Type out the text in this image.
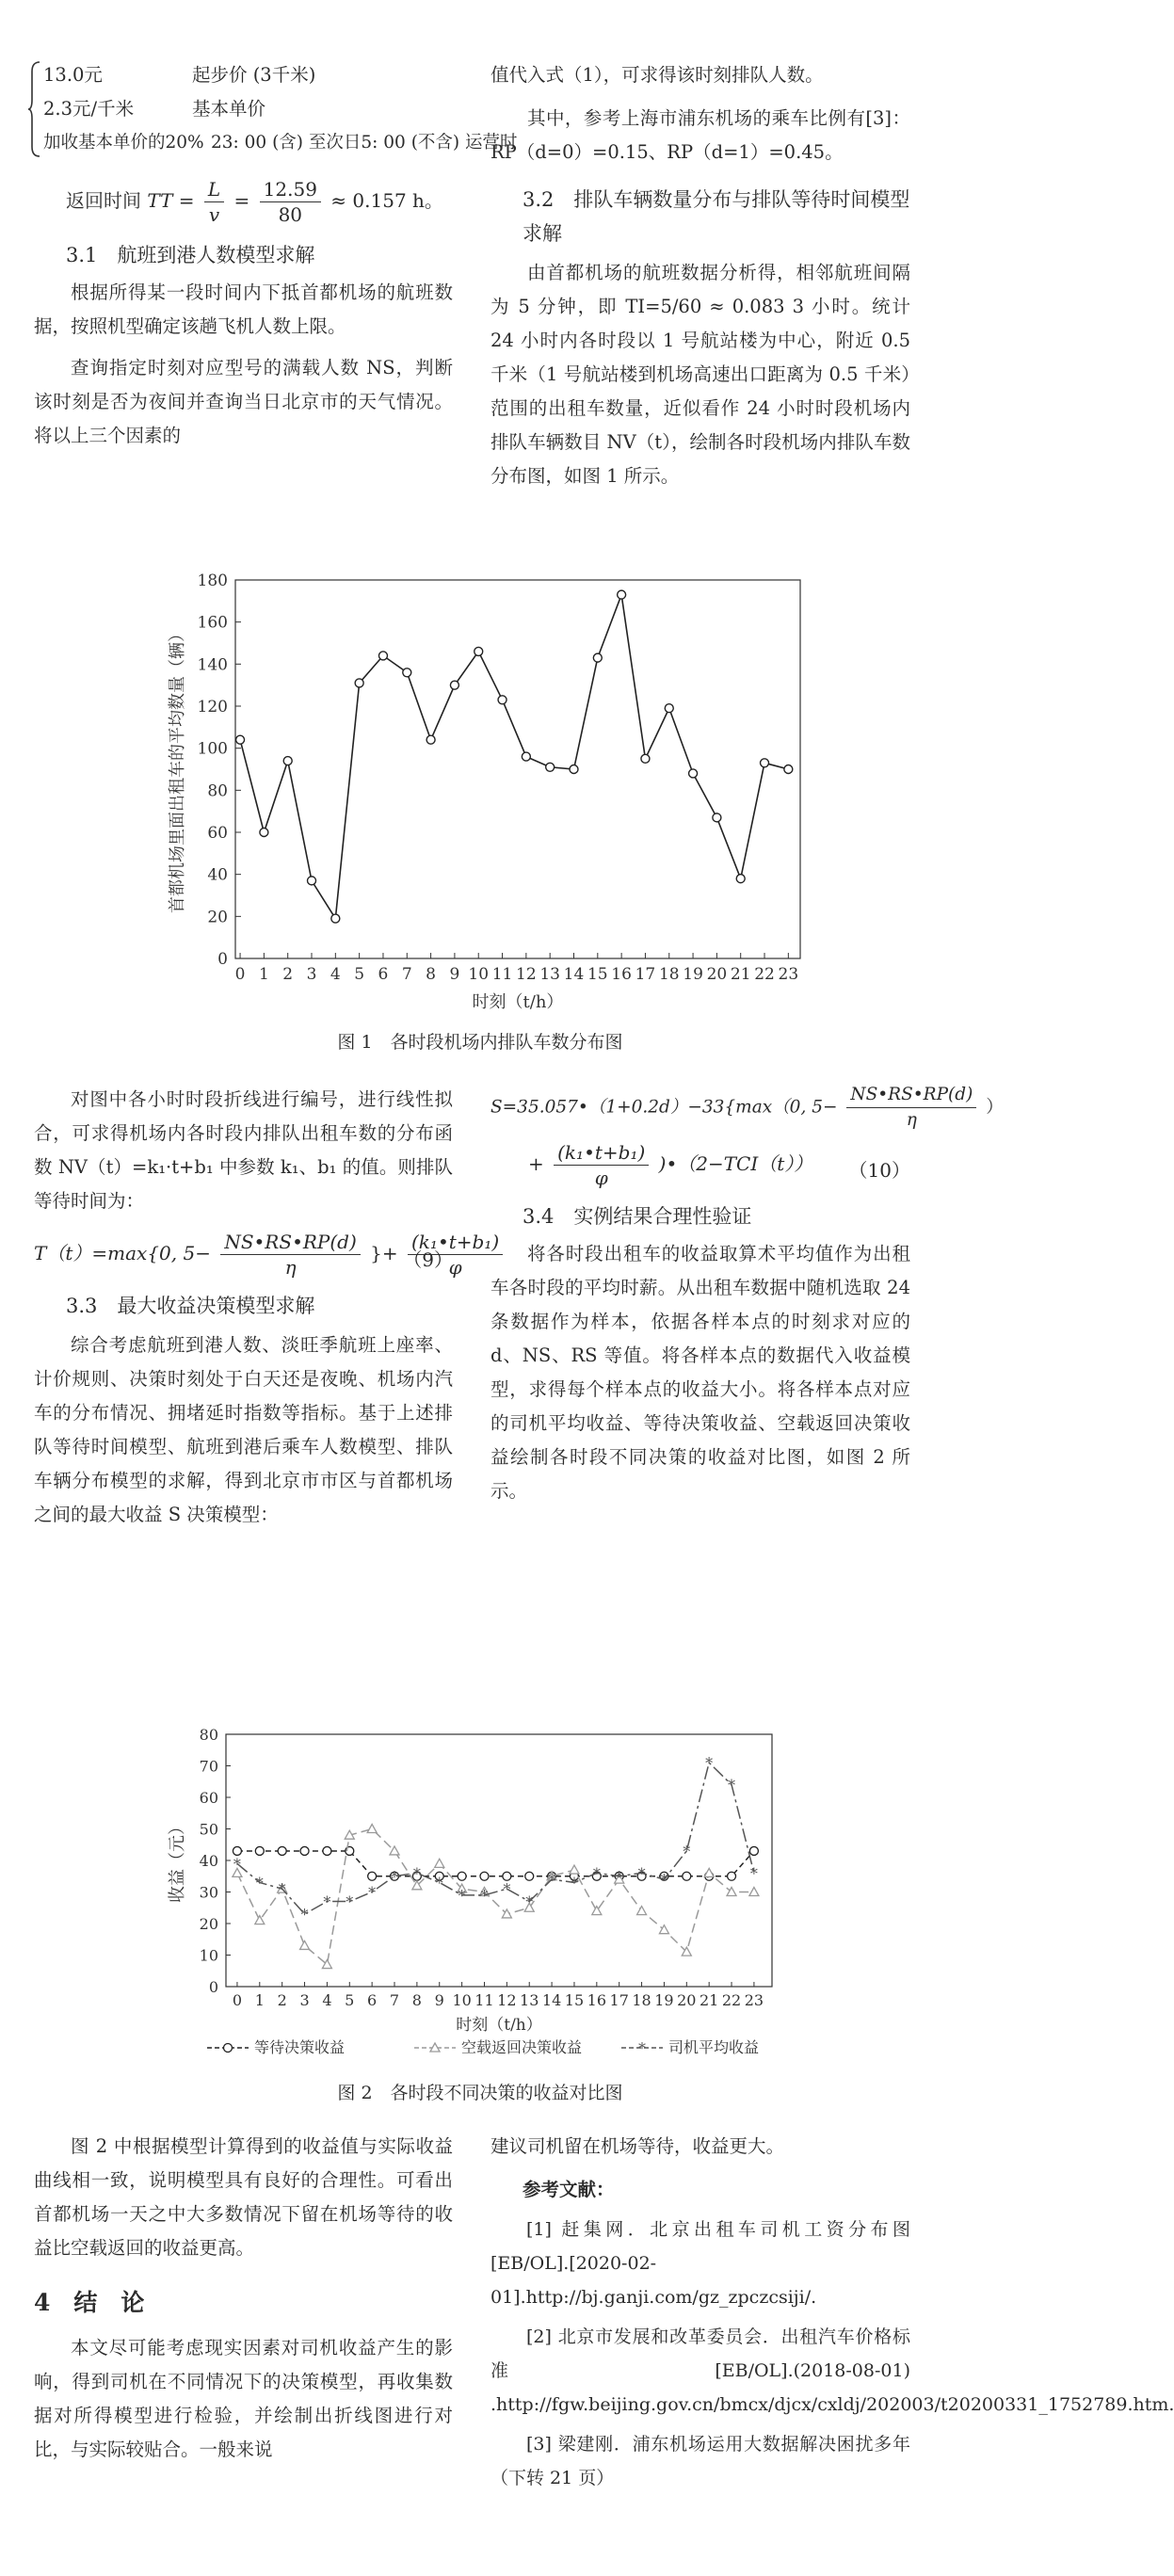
13.0元	起步价 (3千米)
2.3元/千米	基本单价
加收基本单价的20% 23: 00 (含) 至次日5: 00 (不含) 运营时
返回时间 TT = $\frac{L}{v} = \frac{12.59}{80} \approx 0.157$ h。

3.1　航班到港人数模型求解

根据所得某一段时间内下抵首都机场的航班数据，按照机型确定该趟飞机人数上限。

查询指定时刻对应型号的满载人数 NS，判断该时刻是否为夜间并查询当日北京市的天气情况。将以上三个因素的

值代入式（1），可求得该时刻排队人数。

其中，参考上海市浦东机场的乘车比例有[3]：RP（d=0）=0.15、RP（d=1）=0.45。

3.2　排队车辆数量分布与排队等待时间模型求解

由首都机场的航班数据分析得，相邻航班间隔为 5 分钟，即 TI=5/60 ≈ 0.083 3 小时。统计 24 小时内各时段以 1 号航站楼为中心，附近 0.5 千米（1 号航站楼到机场高速出口距离为 0.5 千米）范围的出租车数量，近似看作 24 小时时段机场内排队车辆数目 NV（t），绘制各时段机场内排队车数分布图，如图 1 所示。

0
20
40
60
80
100
120
140
160
180
0 1 2 3 4 5 6 7 8 9 10 11 12 13 14 15 16 17 18 19 20 21 22 23
时刻（t/h）
首都机场里面出租车的平均数量（辆）
图 1　各时段机场内排队车数分布图

对图中各小时时段折线进行编号，进行线性拟合，可求得机场内各时段内排队出租车数的分布函数 NV（t）=k₁·t+b₁ 中参数 k₁、b₁ 的值。则排队等待时间为：

T（t）=max{0, $5- \frac{NS•RS•RP(d)}{\eta}$ }+ $\frac{\text{(k₁•t+b₁)}}{\varphi}$
（9）

3.3　最大收益决策模型求解

综合考虑航班到港人数、淡旺季航班上座率、计价规则、决策时刻处于白天还是夜晚、机场内汽车的分布情况、拥堵延时指数等指标。基于上述排队等待时间模型、航班到港后乘车人数模型、排队车辆分布模型的求解，得到北京市市区与首都机场之间的最大收益 S 决策模型：

S=35.057•（1+0.2d）−33{max（0, $5- \frac{NS•RS•RP(d)}{\eta}$ ）
+ $\frac{\text{(k₁•t+b₁)}}{\varphi}$ )•（2−TCI（t）） （10）

3.4　实例结果合理性验证

将各时段出租车的收益取算术平均值作为出租车各时段的平均时薪。从出租车数据中随机选取 24 条数据作为样本，依据各样本点的时刻求对应的 d、NS、RS 等值。将各样本点的数据代入收益模型，求得每个样本点的收益大小。将各样本点对应的司机平均收益、等待决策收益、空载返回决策收益绘制各时段不同决策的收益对比图，如图 2 所示。

0
10
20
30
40
50
60
70
80
0 1 2 3 4 5 6 7 8 9 10 11 12 13 14 15 16 17 18 19 20 21 22 23
时刻（t/h）
收益（元）	*
* *
*
* *
*
* *
*
* * *
*
* *
* * * *
*
*
*
*
等待决策收益	空载返回决策收益	* 司机平均收益
图 2　各时段不同决策的收益对比图

图 2 中根据模型计算得到的收益值与实际收益曲线相一致，说明模型具有良好的合理性。可看出首都机场一天之中大多数情况下留在机场等待的收益比空载返回的收益更高。

4　结　论

本文尽可能考虑现实因素对司机收益产生的影响，得到司机在不同情况下的决策模型，再收集数据对所得模型进行检验，并绘制出折线图进行对比，与实际较贴合。一般来说

建议司机留在机场等待，收益更大。

参考文献：

[1] 赶集网．北京出租车司机工资分布图 [EB/OL].[2020-02-01].http://bj.ganji.com/gz_zpczcsiji/.

[2] 北京市发展和改革委员会．出租汽车价格标准 [EB/OL].(2018-08-01) .http://fgw.beijing.gov.cn/bmcx/djcx/cxldj/202003/t20200331_1752789.htm.

[3] 梁建刚．浦东机场运用大数据解决困扰多年（下转 21 页）
